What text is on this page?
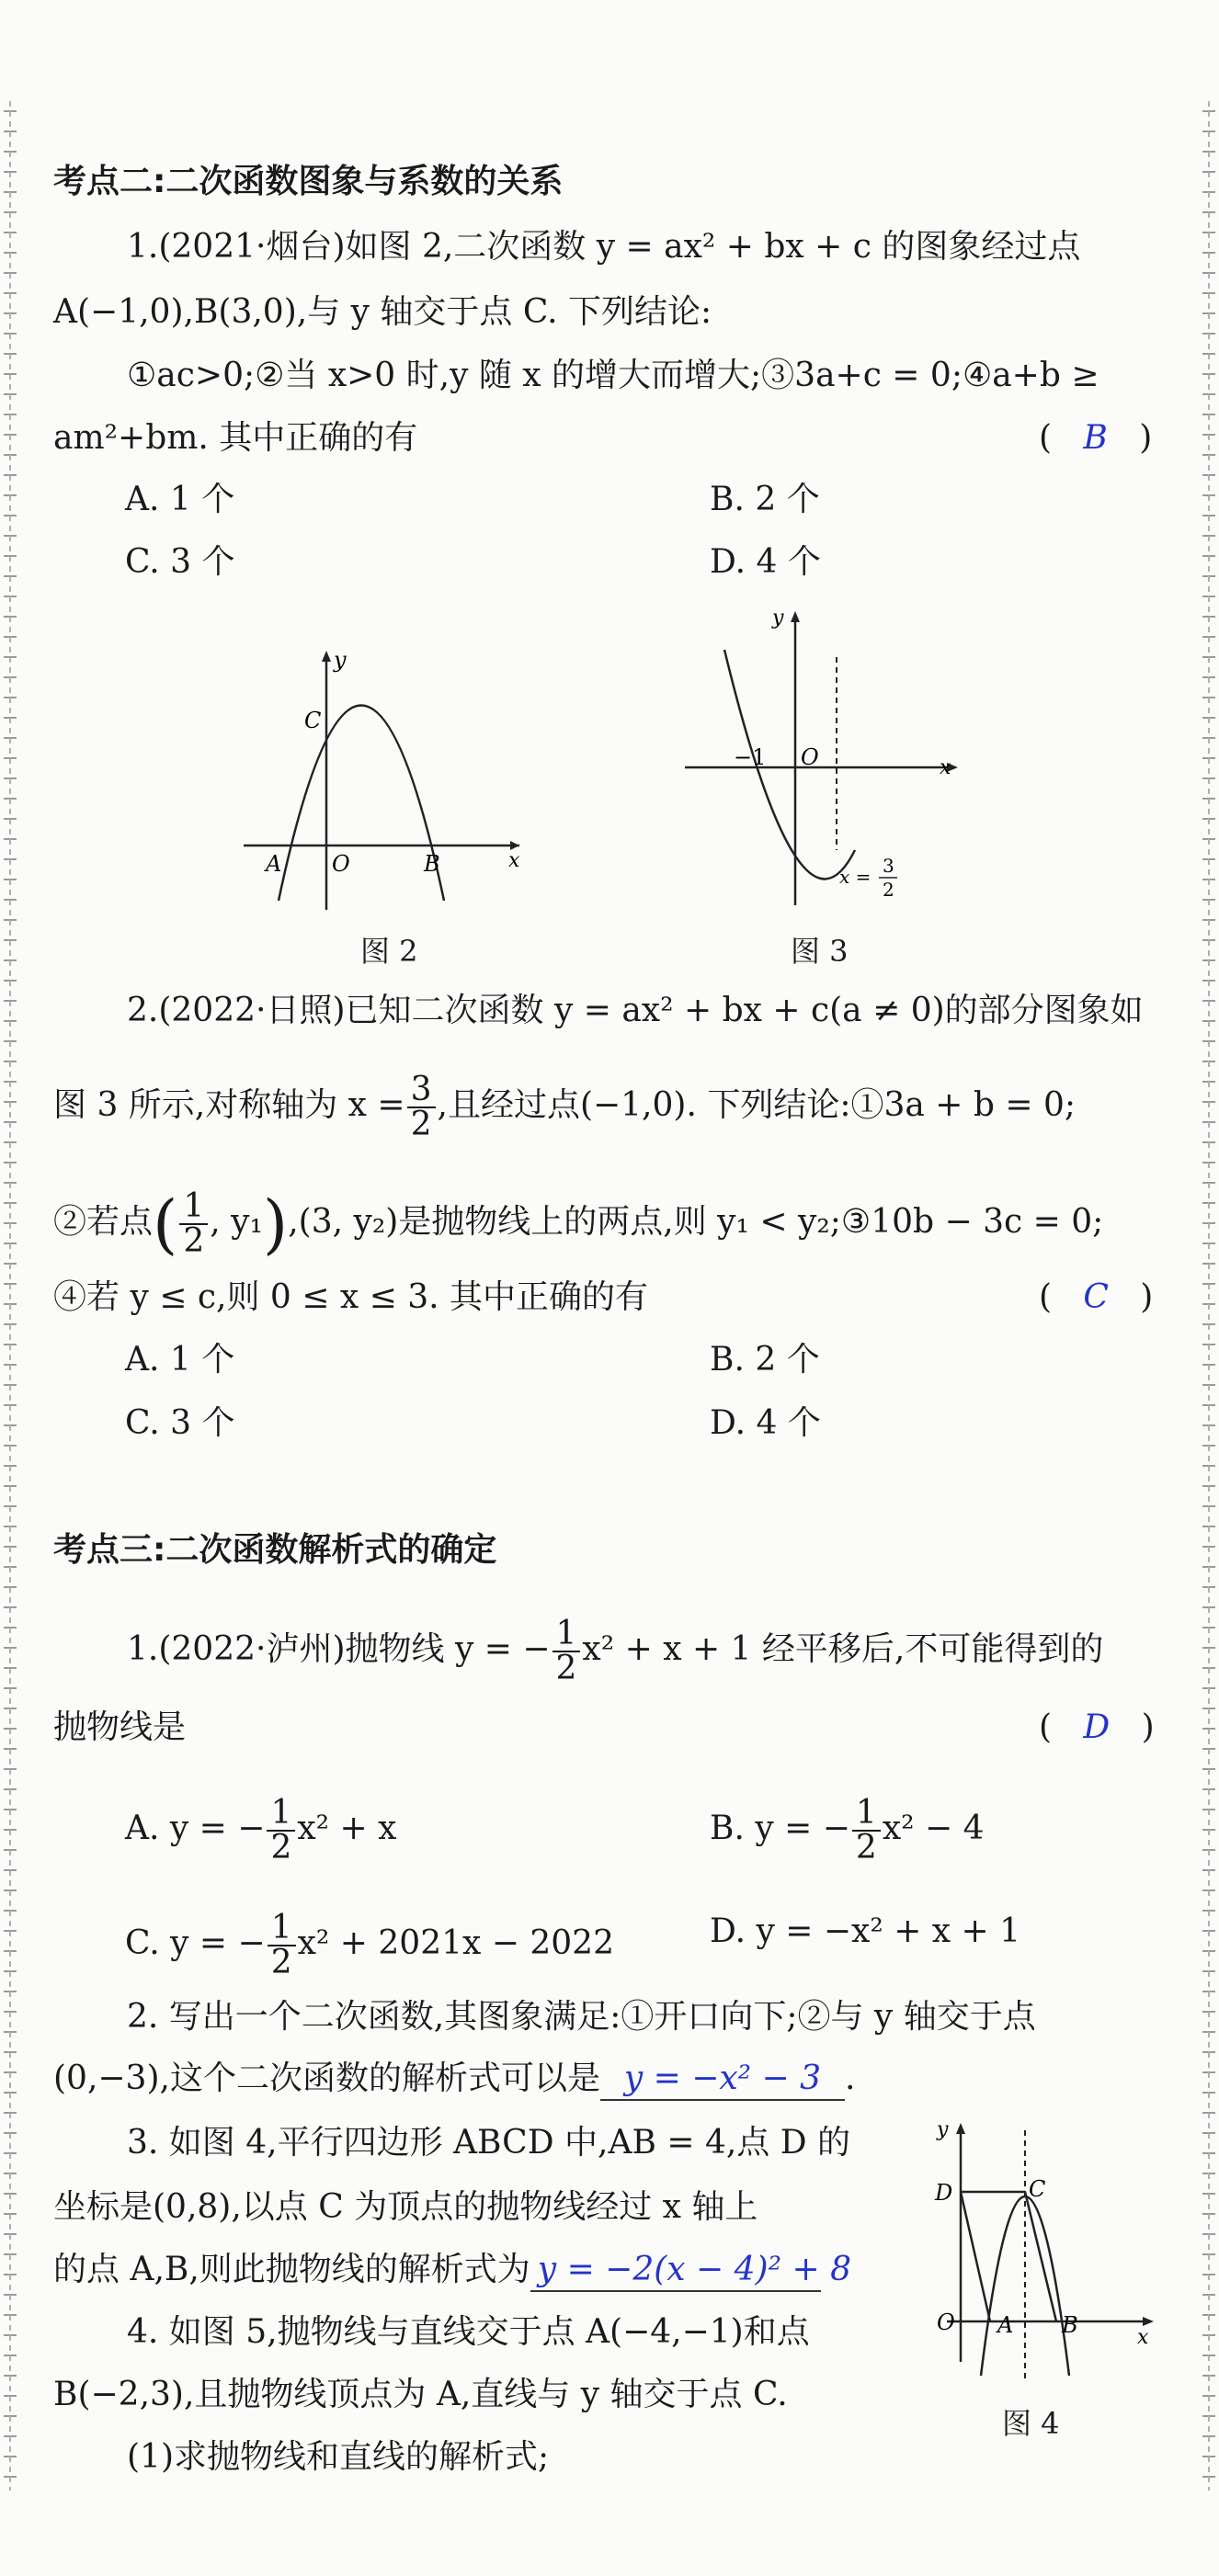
考点二:二次函数图象与系数的关系
1.(2021·烟台)如图 2,二次函数 y = ax² + bx + c 的图象经过点
A(−1,0),B(3,0),与 y 轴交于点 C. 下列结论:
①ac>0;②当 x>0 时,y 随 x 的增大而增大;③3a+c = 0;④a+b ≥
am²+bm. 其中正确的有	( B )
A. 1 个	B. 2 个
C. 3 个	D. 4 个
y
x
O
A	B
C
图 2
y
x
O
−1
x = 3
2
图 3
2.(2022·日照)已知二次函数 y = ax² + bx + c(a ≠ 0)的部分图象如
图 3 所示,对称轴为 $x = \frac{3}{2}$ ,且经过点(−1,0). 下列结论:①3a + b = 0;
②若点( $\frac{1}{2}$ , y₁),(3, y₂)是抛物线上的两点,则 y₁ < y₂;③10b − 3c = 0;
④若 y ≤ c,则 0 ≤ x ≤ 3. 其中正确的有	( C )
A. 1 个	B. 2 个
C. 3 个	D. 4 个
考点三:二次函数解析式的确定
1.(2022·泸州)抛物线 y = − $\frac{1}{2} x^2 + x + 1$ 经平移后,不可能得到的
抛物线是	( D )
A. y = − $\frac{1}{2} x^2 + x$	B. y = − $\frac{1}{2} x^2 - 4$
C. y = − $\frac{1}{2} x^2 + 2021x - 2022$	D. y = −x² + x + 1
2. 写出一个二次函数,其图象满足:①开口向下;②与 y 轴交于点
(0,−3),这个二次函数的解析式可以是 y = −x² − 3 .
3. 如图 4,平行四边形 ABCD 中,AB = 4,点 D 的
坐标是(0,8),以点 C 为顶点的抛物线经过 x 轴上
的点 A,B,则此抛物线的解析式为 y = −2(x − 4)² + 8
y
x
O A B
C
D
图 4
4. 如图 5,抛物线与直线交于点 A(−4,−1)和点
B(−2,3),且抛物线顶点为 A,直线与 y 轴交于点 C.
(1)求抛物线和直线的解析式;
